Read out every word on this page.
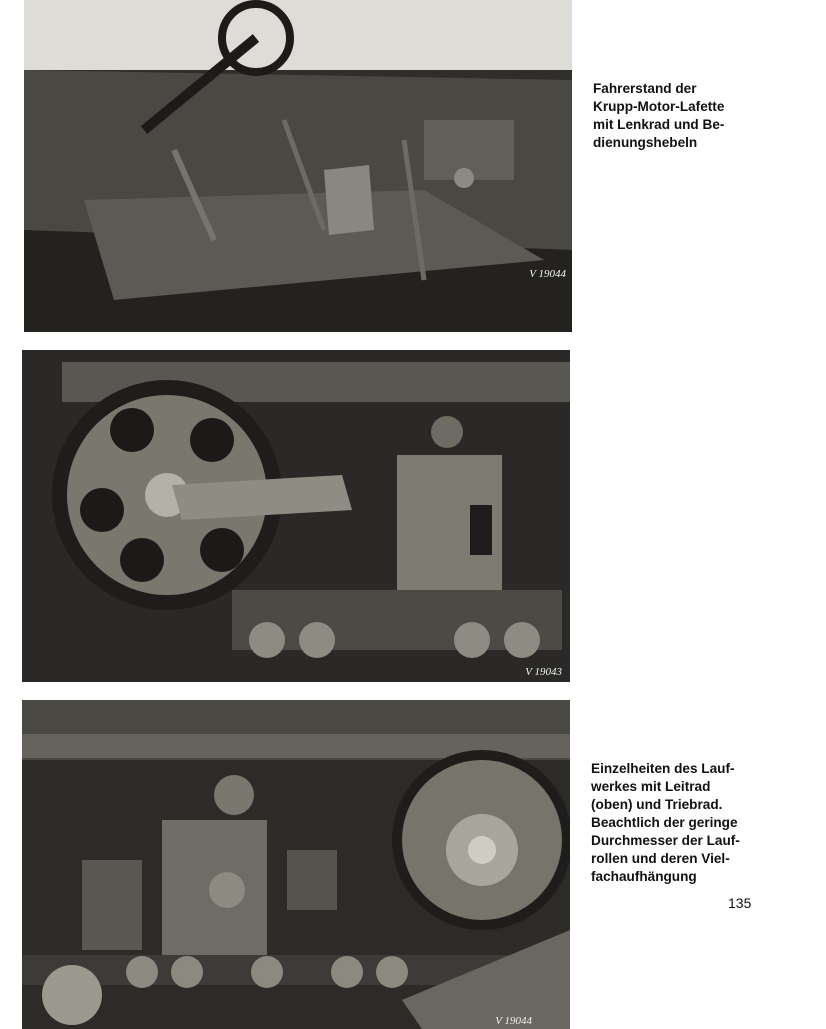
V 19044
Fahrerstand der
Krupp-Motor-Lafette
mit Lenkrad und Be-
dienungshebeln
V 19043
V 19044
Einzelheiten des Lauf-
werkes mit Leitrad
(oben) und Triebrad.
Beachtlich der geringe
Durchmesser der Lauf-
rollen und deren Viel-
fachaufhängung
135
